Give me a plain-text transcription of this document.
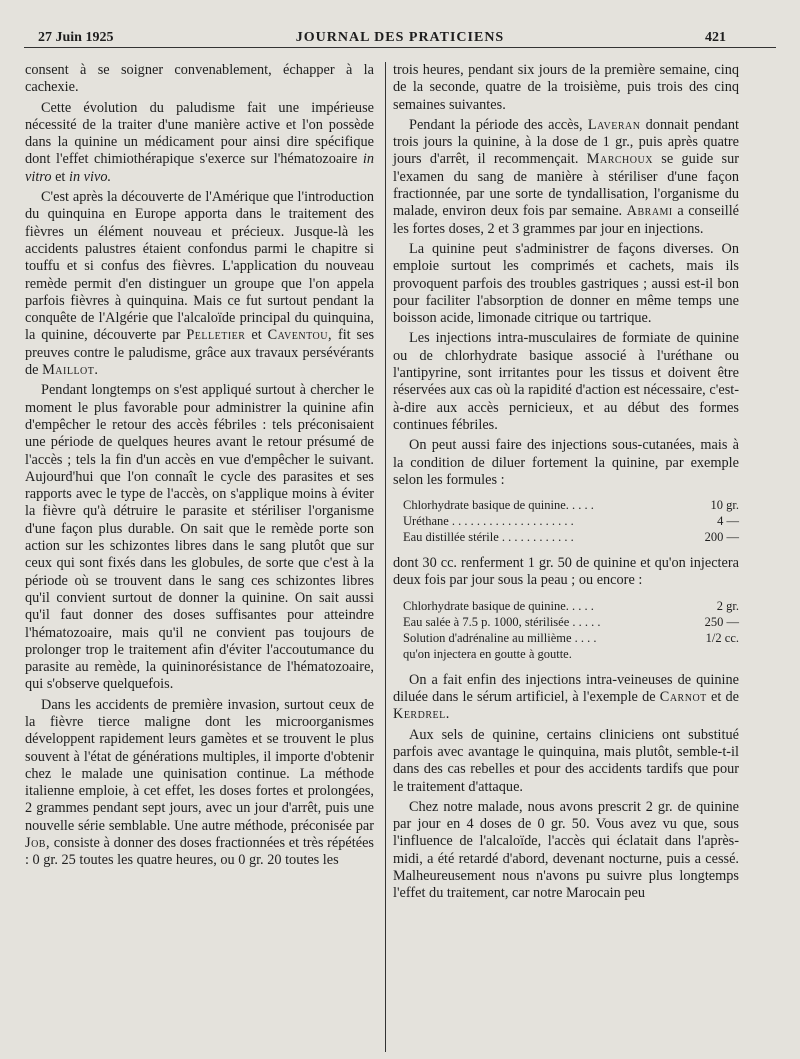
27 Juin 1925	JOURNAL DES PRATICIENS	421

consent à se soigner convenablement, échapper à la cachexie.

Cette évolution du paludisme fait une impérieuse nécessité de la traiter d'une manière active et l'on possède dans la quinine un médicament pour ainsi dire spécifique dont l'effet chimiothérapique s'exerce sur l'hématozoaire in vitro et in vivo.

C'est après la découverte de l'Amérique que l'introduction du quinquina en Europe apporta dans le traitement des fièvres un élément nouveau et précieux. Jusque-là les accidents palustres étaient confondus parmi le chapitre si touffu et si confus des fièvres. L'application du nouveau remède permit d'en distinguer un groupe que l'on appela parfois fièvres à quinquina. Mais ce fut surtout pendant la conquête de l'Algérie que l'alcaloïde principal du quinquina, la quinine, découverte par Pelletier et Caventou, fit ses preuves contre le paludisme, grâce aux travaux persévérants de Maillot.

Pendant longtemps on s'est appliqué surtout à chercher le moment le plus favorable pour administrer la quinine afin d'empêcher le retour des accès fébriles : tels préconisaient une période de quelques heures avant le retour présumé de l'accès ; tels la fin d'un accès en vue d'empêcher le suivant. Aujourd'hui que l'on connaît le cycle des parasites et ses rapports avec le type de l'accès, on s'applique moins à éviter la fièvre qu'à détruire le parasite et stériliser l'organisme d'une façon plus durable. On sait que le remède porte son action sur les schizontes libres dans le sang plutôt que sur ceux qui sont fixés dans les globules, de sorte que c'est à la période où se trouvent dans le sang ces schizontes libres qu'il convient surtout de donner la quinine. On sait aussi qu'il faut donner des doses suffisantes pour atteindre l'hématozoaire, mais qu'il ne convient pas toujours de prolonger trop le traitement afin d'éviter l'accoutumance du parasite au remède, la quininorésistance de l'hématozoaire, qui s'observe quelquefois.

Dans les accidents de première invasion, surtout ceux de la fièvre tierce maligne dont les microorganismes développent rapidement leurs gamètes et se trouvent le plus souvent à l'état de générations multiples, il importe d'obtenir chez le malade une quinisation continue. La méthode italienne emploie, à cet effet, les doses fortes et prolongées, 2 grammes pendant sept jours, avec un jour d'arrêt, puis une nouvelle série semblable. Une autre méthode, préconisée par Job, consiste à donner des doses fractionnées et très répétées : 0 gr. 25 toutes les quatre heures, ou 0 gr. 20 toutes les

trois heures, pendant six jours de la première semaine, cinq de la seconde, quatre de la troisième, puis trois des cinq semaines suivantes.

Pendant la période des accès, Laveran donnait pendant trois jours la quinine, à la dose de 1 gr., puis après quatre jours d'arrêt, il recommençait. Marchoux se guide sur l'examen du sang de manière à stériliser d'une façon fractionnée, par une sorte de tyndallisation, l'organisme du malade, environ deux fois par semaine. Abrami a conseillé les fortes doses, 2 et 3 grammes par jour en injections.

La quinine peut s'administrer de façons diverses. On emploie surtout les comprimés et cachets, mais ils provoquent parfois des troubles gastriques ; aussi est-il bon pour faciliter l'absorption de donner en même temps une boisson acide, limonade citrique ou tartrique.

Les injections intra-musculaires de formiate de quinine ou de chlorhydrate basique associé à l'uréthane ou l'antipyrine, sont irritantes pour les tissus et doivent être réservées aux cas où la rapidité d'action est nécessaire, c'est-à-dire aux accès pernicieux, et au début des formes continues fébriles.

On peut aussi faire des injections sous-cutanées, mais à la condition de diluer fortement la quinine, par exemple selon les formules :

Chlorhydrate basique de quinine. . . . .	10 gr.
Uréthane . . . . . . . . . . . . . . . . . . . .	4 —
Eau distillée stérile . . . . . . . . . . . .	200 —

dont 30 cc. renferment 1 gr. 50 de quinine et qu'on injectera deux fois par jour sous la peau ; ou encore :

Chlorhydrate basique de quinine. . . . .	2 gr.
Eau salée à 7.5 p. 1000, stérilisée . . . . .	250 —
Solution d'adrénaline au millième . . . .	1/2 cc.
qu'on injectera en goutte à goutte.

On a fait enfin des injections intra-veineuses de quinine diluée dans le sérum artificiel, à l'exemple de Carnot et de Kerdrel.

Aux sels de quinine, certains cliniciens ont substitué parfois avec avantage le quinquina, mais plutôt, semble-t-il dans des cas rebelles et pour des accidents tardifs que pour le traitement d'attaque.

Chez notre malade, nous avons prescrit 2 gr. de quinine par jour en 4 doses de 0 gr. 50. Vous avez vu que, sous l'influence de l'alcaloïde, l'accès qui éclatait dans l'après-midi, a été retardé d'abord, devenant nocturne, puis a cessé. Malheureusement nous n'avons pu suivre plus longtemps l'effet du traitement, car notre Marocain peu
